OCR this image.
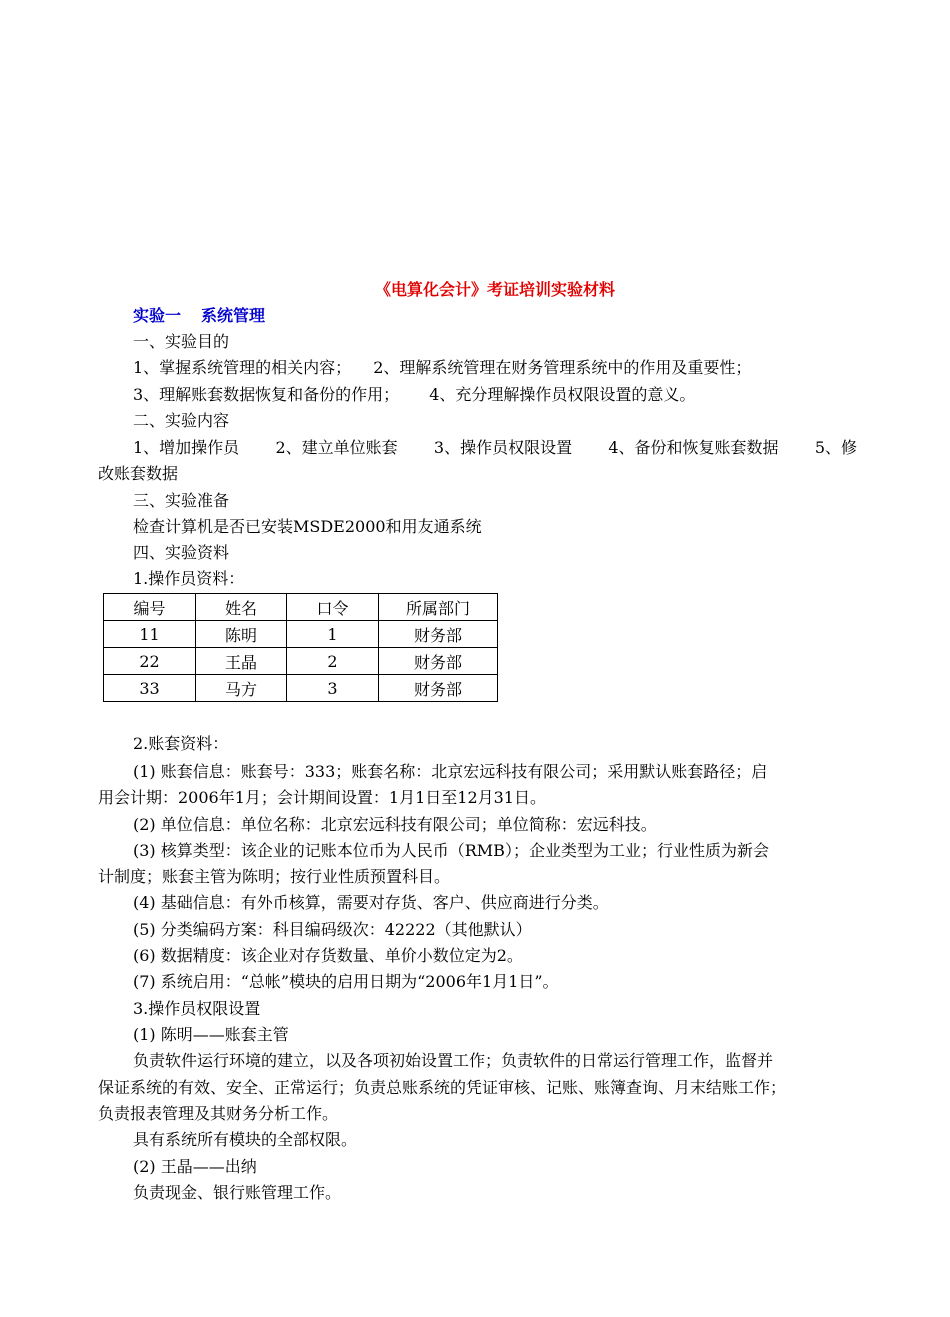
《电算化会计》考证培训实验材料
实验一 系统管理
一、实验目的
1、掌握系统管理的相关内容； 2、理解系统管理在财务管理系统中的作用及重要性；
3、理解账套数据恢复和备份的作用； 4、充分理解操作员权限设置的意义。
二、实验内容
1、增加操作员 2、建立单位账套 3、操作员权限设置 4、备份和恢复账套数据 5、修
改账套数据
三、实验准备
检查计算机是否已安装MSDE2000和用友通系统
四、实验资料
1.操作员资料：
编号	姓名	口令	所属部门
11	陈明	1	财务部
22	王晶	2	财务部
33	马方	3	财务部
2.账套资料：
(1) 账套信息：账套号：333；账套名称：北京宏远科技有限公司；采用默认账套路径；启
用会计期：2006年1月；会计期间设置：1月1日至12月31日。
(2) 单位信息：单位名称：北京宏远科技有限公司；单位简称：宏远科技。
(3) 核算类型：该企业的记账本位币为人民币（RMB）；企业类型为工业；行业性质为新会
计制度；账套主管为陈明；按行业性质预置科目。
(4) 基础信息：有外币核算，需要对存货、客户、供应商进行分类。
(5) 分类编码方案：科目编码级次：42222（其他默认）
(6) 数据精度：该企业对存货数量、单价小数位定为2。
(7) 系统启用：“总帐”模块的启用日期为“2006年1月1日”。
3.操作员权限设置
(1) 陈明——账套主管
负责软件运行环境的建立，以及各项初始设置工作；负责软件的日常运行管理工作，监督并
保证系统的有效、安全、正常运行；负责总账系统的凭证审核、记账、账簿查询、月末结账工作；
负责报表管理及其财务分析工作。
具有系统所有模块的全部权限。
(2) 王晶——出纳
负责现金、银行账管理工作。
